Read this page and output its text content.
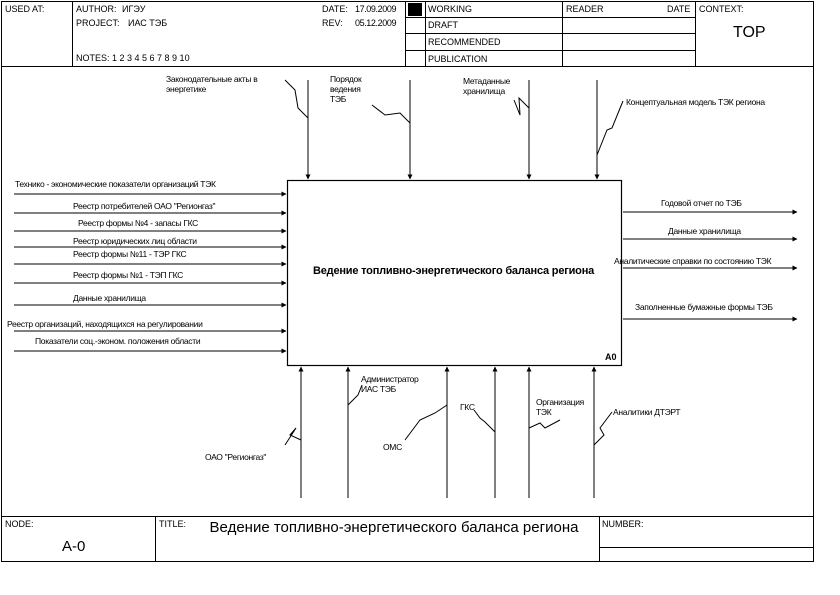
USED AT:	AUTHOR: ИГЭУ
PROJECT: ИАС ТЭБ
NOTES: 1 2 3 4 5 6 7 8 9 10
DATE: 17.09.2009
REV: 05.12.2009
WORKING
DRAFT
RECOMMENDED
PUBLICATION
READER	DATE CONTEXT:
TOP
Ведение топливно-энергетического баланса региона
A0
Законодательные акты в энергетике
Порядок ведения ТЭБ
Метаданные хранилища
Концептуальная модель ТЭК региона
Технико - экономические показатели организаций ТЭК
Реестр потребителей ОАО "Регионгаз"
Реестр формы №4 - запасы ГКС
Реестр юридических лиц области
Реестр формы №11 - ТЭР ГКС
Реестр формы №1 - ТЭП ГКС
Данные хранилища
Реестр организаций, находящихся на регулировании
Показатели соц.-эконом. положения области
Годовой отчет по ТЭБ
Данные хранилища
Аналитические справки по состоянию ТЭК
Заполненные бумажные формы ТЭБ
ОАО "Регионгаз"
Администратор ИАС ТЭБ
ОМС
ГКС	Организация ТЭК	Аналитики ДТЭРТ
NODE:
A-0
TITLE:	Ведение топливно-энергетического баланса региона	NUMBER:
